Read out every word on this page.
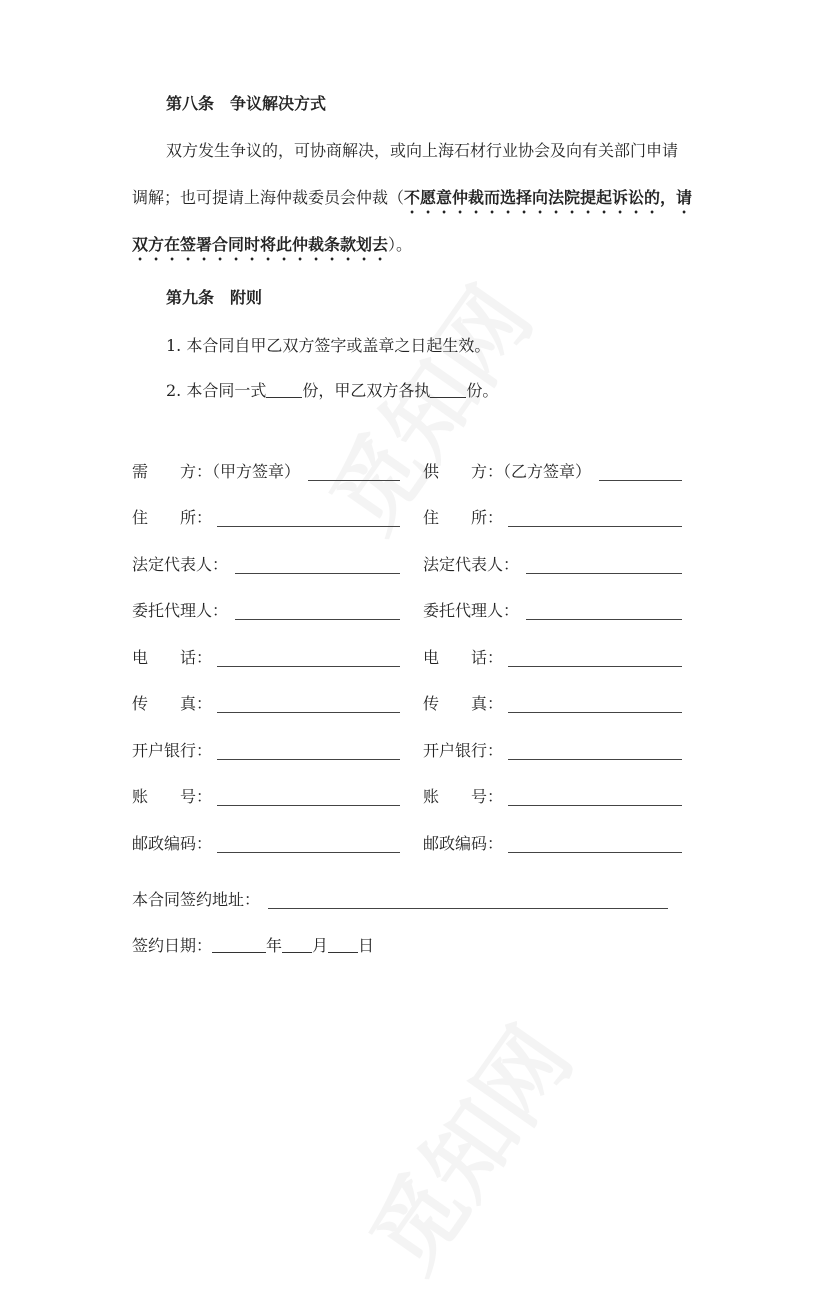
第八条　争议解决方式
双方发生争议的，可协商解决，或向上海石材行业协会及向有关部门申请
调解；也可提请上海仲裁委员会仲裁（不愿意仲裁而选择向法院提起诉讼的，请
双方在签署合同时将此仲裁条款划去）。
第九条　附则
1. 本合同自甲乙双方签字或盖章之日起生效。
2. 本合同一式 份，甲乙双方各执 份。
需　　方：（甲方签章）
住　　所：
法定代表人：
委托代理人：
电　　话：
传　　真：
开户银行：
账　　号：
邮政编码：
供　　方：（乙方签章）
住　　所：
法定代表人：
委托代理人：
电　　话：
传　　真：
开户银行：
账　　号：
邮政编码：
本合同签约地址：
签约日期：	年 月 日
